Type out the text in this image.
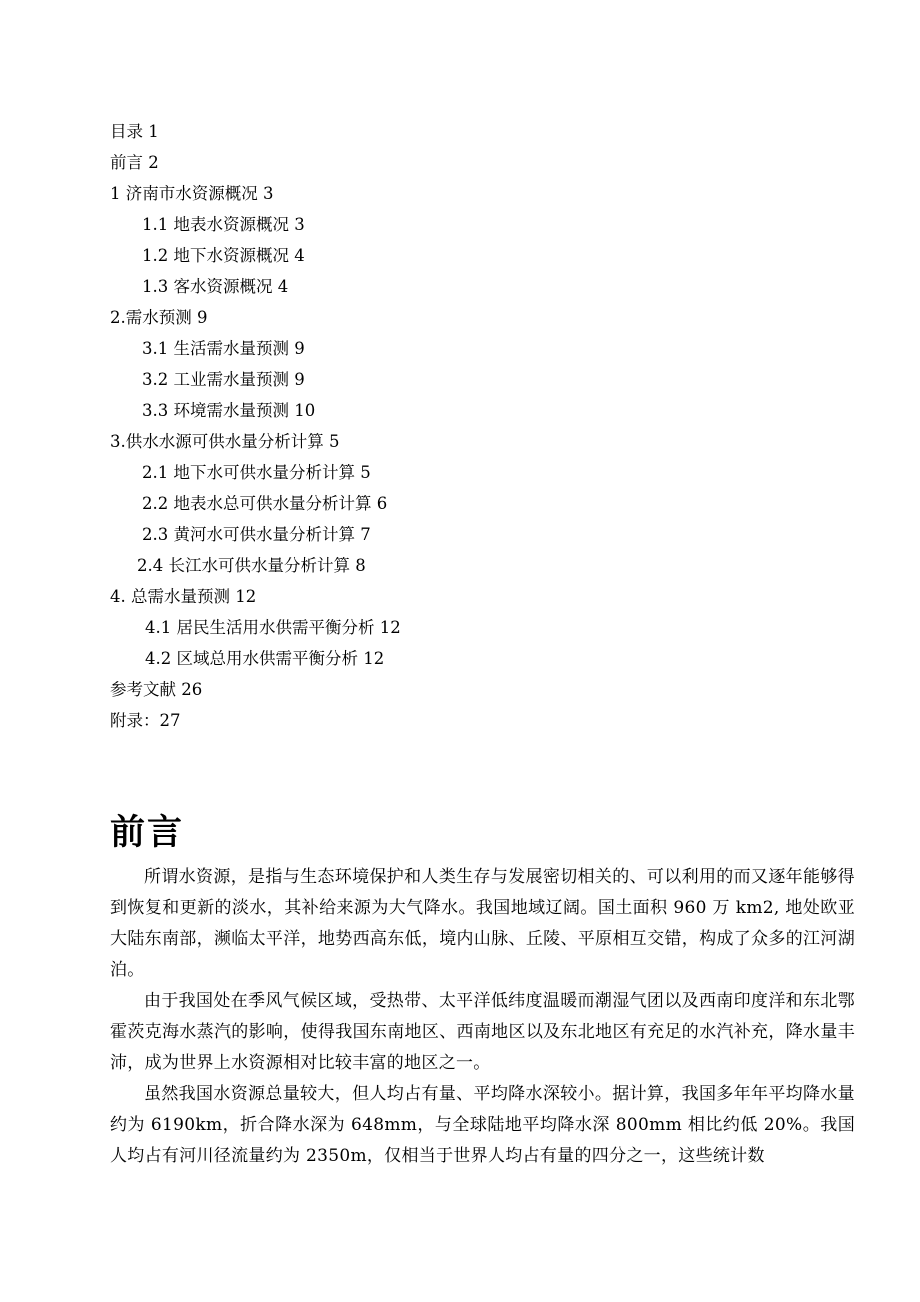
目录 1
前言 2
1 济南市水资源概况 3
1.1 地表水资源概况 3
1.2 地下水资源概况 4
1.3 客水资源概况 4
2.需水预测 9
3.1 生活需水量预测 9
3.2 工业需水量预测 9
3.3 环境需水量预测 10
3.供水水源可供水量分析计算 5
2.1 地下水可供水量分析计算 5
2.2 地表水总可供水量分析计算 6
2.3 黄河水可供水量分析计算 7
2.4 长江水可供水量分析计算 8
4. 总需水量预测 12
4.1 居民生活用水供需平衡分析 12
4.2 区域总用水供需平衡分析 12
参考文献 26
附录：27
前言

所谓水资源，是指与生态环境保护和人类生存与发展密切相关的、可以利用的而又逐年能够得到恢复和更新的淡水，其补给来源为大气降水。我国地域辽阔。国土面积 960 万 km2, 地处欧亚大陆东南部，濒临太平洋，地势西高东低，境内山脉、丘陵、平原相互交错，构成了众多的江河湖泊。

由于我国处在季风气候区域，受热带、太平洋低纬度温暖而潮湿气团以及西南印度洋和东北鄂霍茨克海水蒸汽的影响，使得我国东南地区、西南地区以及东北地区有充足的水汽补充，降水量丰沛，成为世界上水资源相对比较丰富的地区之一。

虽然我国水资源总量较大，但人均占有量、平均降水深较小。据计算，我国多年年平均降水量约为 6190km，折合降水深为 648mm，与全球陆地平均降水深 800mm 相比约低 20%。我国人均占有河川径流量约为 2350m，仅相当于世界人均占有量的四分之一，这些统计数
